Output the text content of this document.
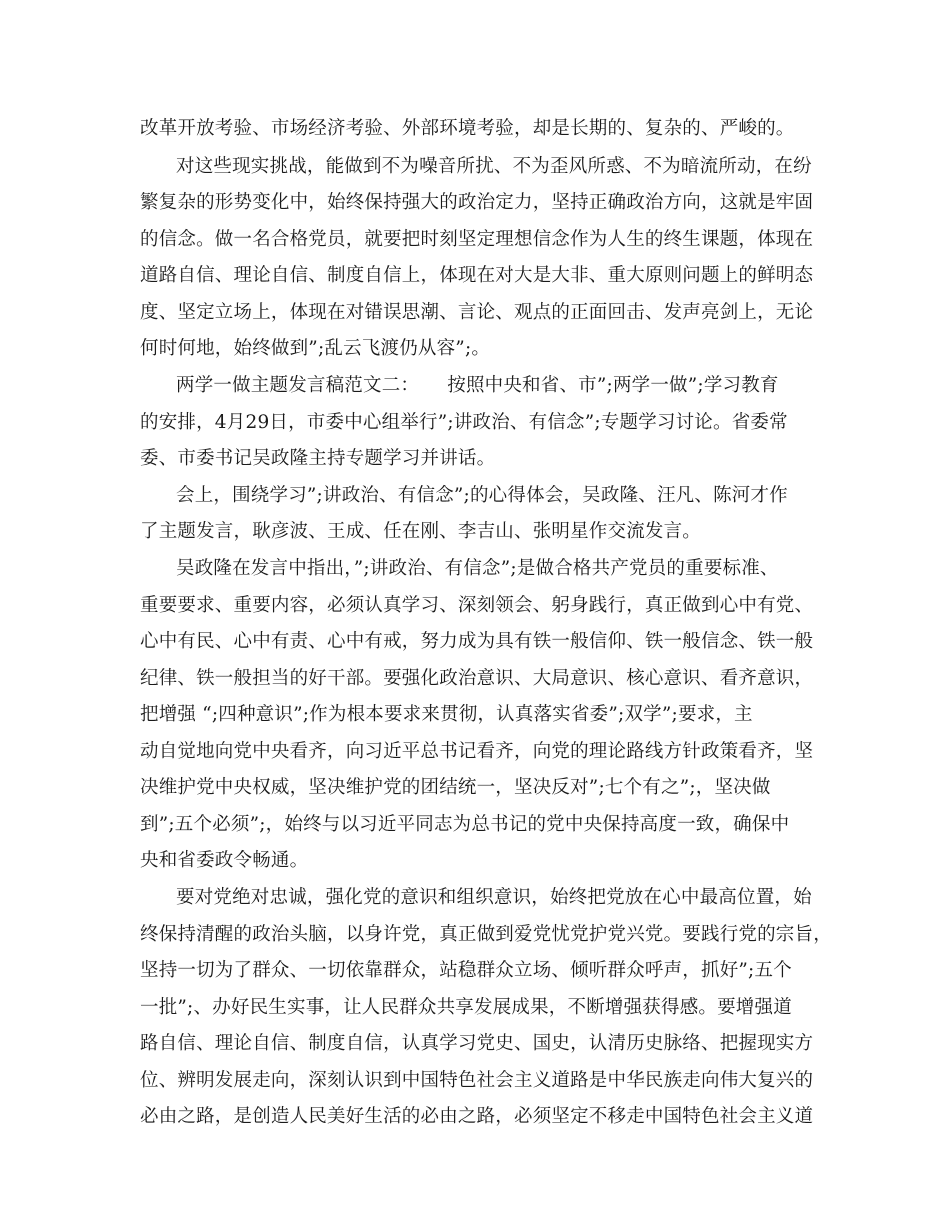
改革开放考验、市场经济考验、外部环境考验，却是长期的、复杂的、严峻的。
对这些现实挑战，能做到不为噪音所扰、不为歪风所惑、不为暗流所动，在纷
繁复杂的形势变化中，始终保持强大的政治定力，坚持正确政治方向，这就是牢固
的信念。做一名合格党员，就要把时刻坚定理想信念作为人生的终生课题，体现在
道路自信、理论自信、制度自信上，体现在对大是大非、重大原则问题上的鲜明态
度、坚定立场上，体现在对错误思潮、言论、观点的正面回击、发声亮剑上，无论
何时何地，始终做到”;乱云飞渡仍从容”;。
两学一做主题发言稿范文二：　　按照中央和省、市”;两学一做”;学习教育
的安排，4月29日，市委中心组举行”;讲政治、有信念”;专题学习讨论。省委常
委、市委书记吴政隆主持专题学习并讲话。
会上，围绕学习”;讲政治、有信念”;的心得体会，吴政隆、汪凡、陈河才作
了主题发言，耿彦波、王成、任在刚、李吉山、张明星作交流发言。
吴政隆在发言中指出，”;讲政治、有信念”;是做合格共产党员的重要标准、
重要要求、重要内容，必须认真学习、深刻领会、躬身践行，真正做到心中有党、
心中有民、心中有责、心中有戒，努力成为具有铁一般信仰、铁一般信念、铁一般
纪律、铁一般担当的好干部。要强化政治意识、大局意识、核心意识、看齐意识，
把增强 “;四种意识”;作为根本要求来贯彻，认真落实省委”;双学”;要求，主
动自觉地向党中央看齐，向习近平总书记看齐，向党的理论路线方针政策看齐，坚
决维护党中央权威，坚决维护党的团结统一，坚决反对”;七个有之”;，坚决做
到”;五个必须”;，始终与以习近平同志为总书记的党中央保持高度一致，确保中
央和省委政令畅通。
要对党绝对忠诚，强化党的意识和组织意识，始终把党放在心中最高位置，始
终保持清醒的政治头脑，以身许党，真正做到爱党忧党护党兴党。要践行党的宗旨，
坚持一切为了群众、一切依靠群众，站稳群众立场、倾听群众呼声，抓好”;五个
一批”;、办好民生实事，让人民群众共享发展成果，不断增强获得感。要增强道
路自信、理论自信、制度自信，认真学习党史、国史，认清历史脉络、把握现实方
位、辨明发展走向，深刻认识到中国特色社会主义道路是中华民族走向伟大复兴的
必由之路，是创造人民美好生活的必由之路，必须坚定不移走中国特色社会主义道
